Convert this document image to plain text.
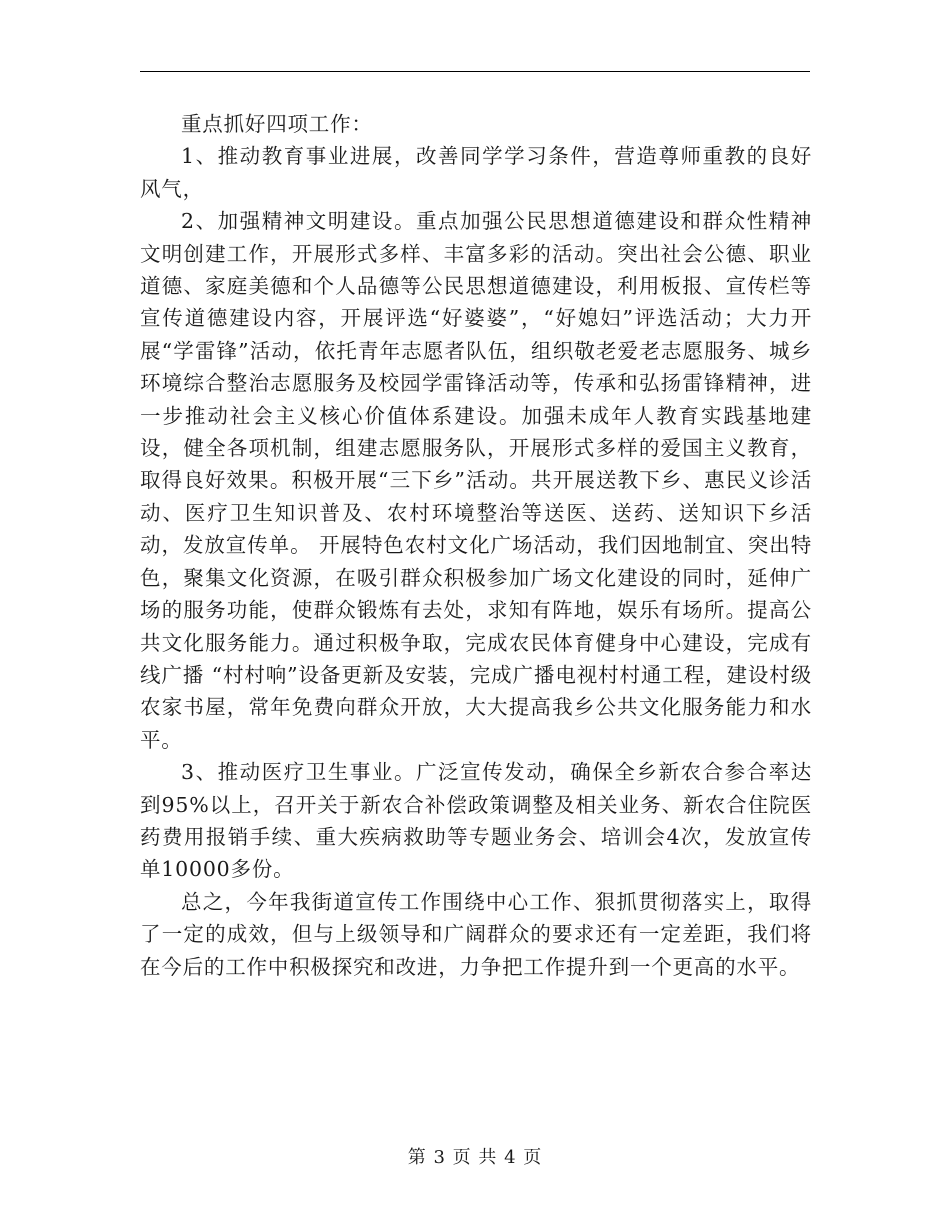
重点抓好四项工作：

1、推动教育事业进展，改善同学学习条件，营造尊师重教的良好风气，

2、加强精神文明建设。重点加强公民思想道德建设和群众性精神文明创建工作，开展形式多样、丰富多彩的活动。突出社会公德、职业道德、家庭美德和个人品德等公民思想道德建设，利用板报、宣传栏等宣传道德建设内容，开展评选“好婆婆”，“好媳妇”评选活动；大力开展“学雷锋”活动，依托青年志愿者队伍，组织敬老爱老志愿服务、城乡环境综合整治志愿服务及校园学雷锋活动等，传承和弘扬雷锋精神，进一步推动社会主义核心价值体系建设。加强未成年人教育实践基地建设，健全各项机制，组建志愿服务队，开展形式多样的爱国主义教育，取得良好效果。积极开展“三下乡”活动。共开展送教下乡、惠民义诊活动、医疗卫生知识普及、农村环境整治等送医、送药、送知识下乡活动，发放宣传单。 开展特色农村文化广场活动，我们因地制宜、突出特色，聚集文化资源，在吸引群众积极参加广场文化建设的同时，延伸广场的服务功能，使群众锻炼有去处，求知有阵地，娱乐有场所。提高公共文化服务能力。通过积极争取，完成农民体育健身中心建设，完成有线广播 “村村响”设备更新及安装，完成广播电视村村通工程，建设村级农家书屋，常年免费向群众开放，大大提高我乡公共文化服务能力和水平。

3、推动医疗卫生事业。广泛宣传发动，确保全乡新农合参合率达到95%以上，召开关于新农合补偿政策调整及相关业务、新农合住院医药费用报销手续、重大疾病救助等专题业务会、培训会4次，发放宣传单10000多份。

总之，今年我街道宣传工作围绕中心工作、狠抓贯彻落实上，取得了一定的成效，但与上级领导和广阔群众的要求还有一定差距，我们将在今后的工作中积极探究和改进，力争把工作提升到一个更高的水平。

第 3 页 共 4 页
